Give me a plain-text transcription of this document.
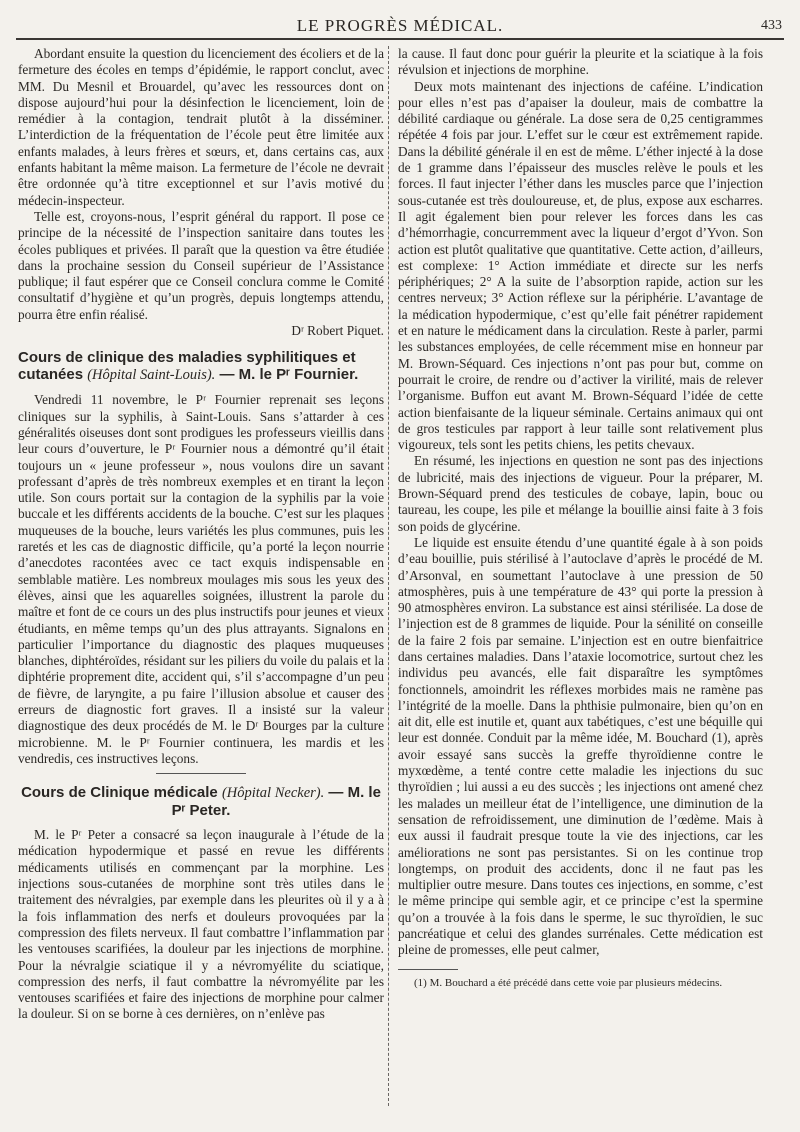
LE PROGRÈS MÉDICAL.	433

Abordant ensuite la question du licenciement des écoliers et de la fermeture des écoles en temps d’épidémie, le rapport conclut, avec MM. Du Mesnil et Brouardel, qu’avec les ressources dont on dispose aujourd’hui pour la désinfection le licenciement, loin de remédier à la contagion, tendrait plutôt à la disséminer. L’interdiction de la fréquentation de l’école peut être limitée aux enfants malades, à leurs frères et sœurs, et, dans certains cas, aux enfants habitant la même maison. La fermeture de l’école ne devrait être ordonnée qu’à titre exceptionnel et sur l’avis motivé du médecin-inspecteur.

Telle est, croyons-nous, l’esprit général du rapport. Il pose ce principe de la nécessité de l’inspection sanitaire dans toutes les écoles publiques et privées. Il paraît que la question va être étudiée dans la prochaine session du Conseil supérieur de l’Assistance publique; il faut espérer que ce Conseil conclura comme le Comité consultatif d’hygiène et qu’un progrès, depuis longtemps attendu, pourra être enfin réalisé.

Dʳ Robert Piquet.
Cours de clinique des maladies syphilitiques et cutanées (Hôpital Saint-Louis). — M. le Pʳ Fournier.

Vendredi 11 novembre, le Pʳ Fournier reprenait ses leçons cliniques sur la syphilis, à Saint-Louis. Sans s’attarder à ces généralités oiseuses dont sont prodigues les professeurs vieillis dans leur cours d’ouverture, le Pʳ Fournier nous a démontré qu’il était toujours un « jeune professeur », nous voulons dire un savant professant d’après de très nombreux exemples et en tirant la leçon utile. Son cours portait sur la contagion de la syphilis par la voie buccale et les différents accidents de la bouche. C’est sur les plaques muqueuses de la bouche, leurs variétés les plus communes, puis les raretés et les cas de diagnostic difficile, qu’a porté la leçon nourrie d’anecdotes racontées avec ce tact exquis indispensable en semblable matière. Les nombreux moulages mis sous les yeux des élèves, ainsi que les aquarelles soignées, illustrent la parole du maître et font de ce cours un des plus instructifs pour jeunes et vieux étudiants, en même temps qu’un des plus attrayants. Signalons en particulier l’importance du diagnostic des plaques muqueuses blanches, diphtéroïdes, résidant sur les piliers du voile du palais et la diphtérie proprement dite, accident qui, s’il s’accompagne d’un peu de fièvre, de laryngite, a pu faire l’illusion absolue et causer des erreurs de diagnostic fort graves. Il a insisté sur la valeur diagnostique des deux procédés de M. le Dʳ Bourges par la culture microbienne. M. le Pʳ Fournier continuera, les mardis et les vendredis, ces instructives leçons.

Cours de Clinique médicale (Hôpital Necker). — M. le Pʳ Peter.

M. le Pʳ Peter a consacré sa leçon inaugurale à l’étude de la médication hypodermique et passé en revue les différents médicaments utilisés en commençant par la morphine. Les injections sous-cutanées de morphine sont très utiles dans le traitement des névralgies, par exemple dans les pleurites où il y a à la fois inflammation des nerfs et douleurs provoquées par la compression des filets nerveux. Il faut combattre l’inflammation par les ventouses scarifiées, la douleur par les injections de morphine. Pour la névralgie sciatique il y a névromyélite du sciatique, compression des nerfs, il faut combattre la névromyélite par les ventouses scarifiées et faire des injections de morphine pour calmer la douleur. Si on se borne à ces dernières, on n’enlève pas

la cause. Il faut donc pour guérir la pleurite et la sciatique à la fois révulsion et injections de morphine.

Deux mots maintenant des injections de caféine. L’indication pour elles n’est pas d’apaiser la douleur, mais de combattre la débilité cardiaque ou générale. La dose sera de 0,25 centigrammes répétée 4 fois par jour. L’effet sur le cœur est extrêmement rapide. Dans la débilité générale il en est de même. L’éther injecté à la dose de 1 gramme dans l’épaisseur des muscles relève le pouls et les forces. Il faut injecter l’éther dans les muscles parce que l’injection sous-cutanée est très douloureuse, et, de plus, expose aux escharres. Il agit également bien pour relever les forces dans les cas d’hémorrhagie, concurremment avec la liqueur d’ergot d’Yvon. Son action est plutôt qualitative que quantitative. Cette action, d’ailleurs, est complexe: 1° Action immédiate et directe sur les nerfs périphériques; 2° A la suite de l’absorption rapide, action sur les centres nerveux; 3° Action réflexe sur la périphérie. L’avantage de la médication hypodermique, c’est qu’elle fait pénétrer rapidement et en nature le médicament dans la circulation. Reste à parler, parmi les substances employées, de celle récemment mise en honneur par M. Brown-Séquard. Ces injections n’ont pas pour but, comme on pourrait le croire, de rendre ou d’activer la virilité, mais de relever l’organisme. Buffon eut avant M. Brown-Séquard l’idée de cette action bienfaisante de la liqueur séminale. Certains animaux qui ont de gros testicules par rapport à leur taille sont relativement plus vigoureux, tels sont les petits chiens, les petits chevaux.

En résumé, les injections en question ne sont pas des injections de lubricité, mais des injections de vigueur. Pour la préparer, M. Brown-Séquard prend des testicules de cobaye, lapin, bouc ou taureau, les coupe, les pile et mélange la bouillie ainsi faite à 3 fois son poids de glycérine.

Le liquide est ensuite étendu d’une quantité égale à à son poids d’eau bouillie, puis stérilisé à l’autoclave d’après le procédé de M. d’Arsonval, en soumettant l’autoclave à une pression de 50 atmosphères, puis à une température de 43° qui porte la pression à 90 atmosphères environ. La substance est ainsi stérilisée. La dose de l’injection est de 8 grammes de liquide. Pour la sénilité on conseille de la faire 2 fois par semaine. L’injection est en outre bienfaitrice dans certaines maladies. Dans l’ataxie locomotrice, surtout chez les individus peu avancés, elle fait disparaître les symptômes fonctionnels, amoindrit les réflexes morbides mais ne ramène pas l’intégrité de la moelle. Dans la phthisie pulmonaire, bien qu’on en ait dit, elle est inutile et, quant aux tabétiques, c’est une béquille qui leur est donnée. Conduit par la même idée, M. Bouchard (1), après avoir essayé sans succès la greffe thyroïdienne contre le myxœdème, a tenté contre cette maladie les injections du suc thyroïdien ; lui aussi a eu des succès ; les injections ont amené chez les malades un meilleur état de l’intelligence, une diminution de la sensation de refroidissement, une diminution de l’œdème. Mais à eux aussi il faudrait presque toute la vie des injections, car les améliorations ne sont pas persistantes. Si on les continue trop longtemps, on produit des accidents, donc il ne faut pas les multiplier outre mesure. Dans toutes ces injections, en somme, c’est le même principe qui semble agir, et ce principe c’est la spermine qu’on a trouvée à la fois dans le sperme, le suc thyroïdien, le suc pancréatique et celui des glandes surrénales. Cette médication est pleine de promesses, elle peut calmer,

(1) M. Bouchard a été précédé dans cette voie par plusieurs médecins.
